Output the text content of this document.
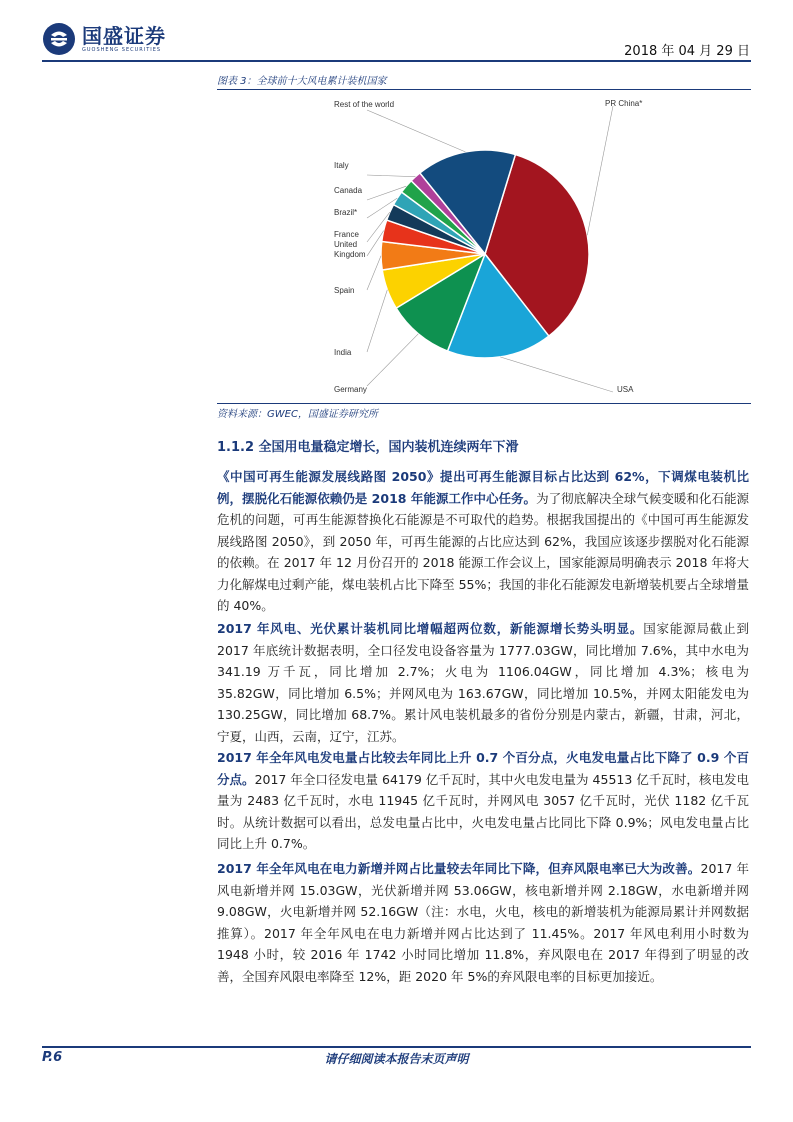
国盛证券
GUOSHENG SECURITIES	2018 年 04 月 29 日
图表 3：全球前十大风电累计装机国家
PR China*
USA
Germany
India
Spain
United
Kingdom
France
Brazil*
Canada
Italy
Rest of the world
资料来源：GWEC，国盛证券研究所
1.1.2 全国用电量稳定增长，国内装机连续两年下滑
《中国可再生能源发展线路图 2050》提出可再生能源目标占比达到 62%，下调煤电装机比例，摆脱化石能源依赖仍是 2018 年能源工作中心任务。为了彻底解决全球气候变暖和化石能源危机的问题，可再生能源替换化石能源是不可取代的趋势。根据我国提出的《中国可再生能源发展线路图 2050》，到 2050 年，可再生能源的占比应达到 62%，我国应该逐步摆脱对化石能源的依赖。在 2017 年 12 月份召开的 2018 能源工作会议上，国家能源局明确表示 2018 年将大力化解煤电过剩产能，煤电装机占比下降至 55%；我国的非化石能源发电新增装机要占全球增量的 40%。
2017 年风电、光伏累计装机同比增幅超两位数，新能源增长势头明显。国家能源局截止到 2017 年底统计数据表明，全口径发电设备容量为 1777.03GW，同比增加 7.6%，其中水电为 341.19 万千瓦，同比增加 2.7%；火电为 1106.04GW，同比增加 4.3%；核电为 35.82GW，同比增加 6.5%；并网风电为 163.67GW，同比增加 10.5%，并网太阳能发电为 130.25GW，同比增加 68.7%。累计风电装机最多的省份分别是内蒙古，新疆，甘肃，河北，宁夏，山西，云南，辽宁，江苏。
2017 年全年风电发电量占比较去年同比上升 0.7 个百分点，火电发电量占比下降了 0.9 个百分点。2017 年全口径发电量 64179 亿千瓦时，其中火电发电量为 45513 亿千瓦时，核电发电量为 2483 亿千瓦时，水电 11945 亿千瓦时，并网风电 3057 亿千瓦时，光伏 1182 亿千瓦时。从统计数据可以看出，总发电量占比中，火电发电量占比同比下降 0.9%；风电发电量占比同比上升 0.7%。
2017 年全年风电在电力新增并网占比量较去年同比下降，但弃风限电率已大为改善。2017 年风电新增并网 15.03GW，光伏新增并网 53.06GW，核电新增并网 2.18GW，水电新增并网 9.08GW，火电新增并网 52.16GW（注：水电，火电，核电的新增装机为能源局累计并网数据推算）。2017 年全年风电在电力新增并网占比达到了 11.45%。2017 年风电利用小时数为 1948 小时，较 2016 年 1742 小时同比增加 11.8%，弃风限电在 2017 年得到了明显的改善，全国弃风限电率降至 12%，距 2020 年 5%的弃风限电率的目标更加接近。
P.6	请仔细阅读本报告末页声明
